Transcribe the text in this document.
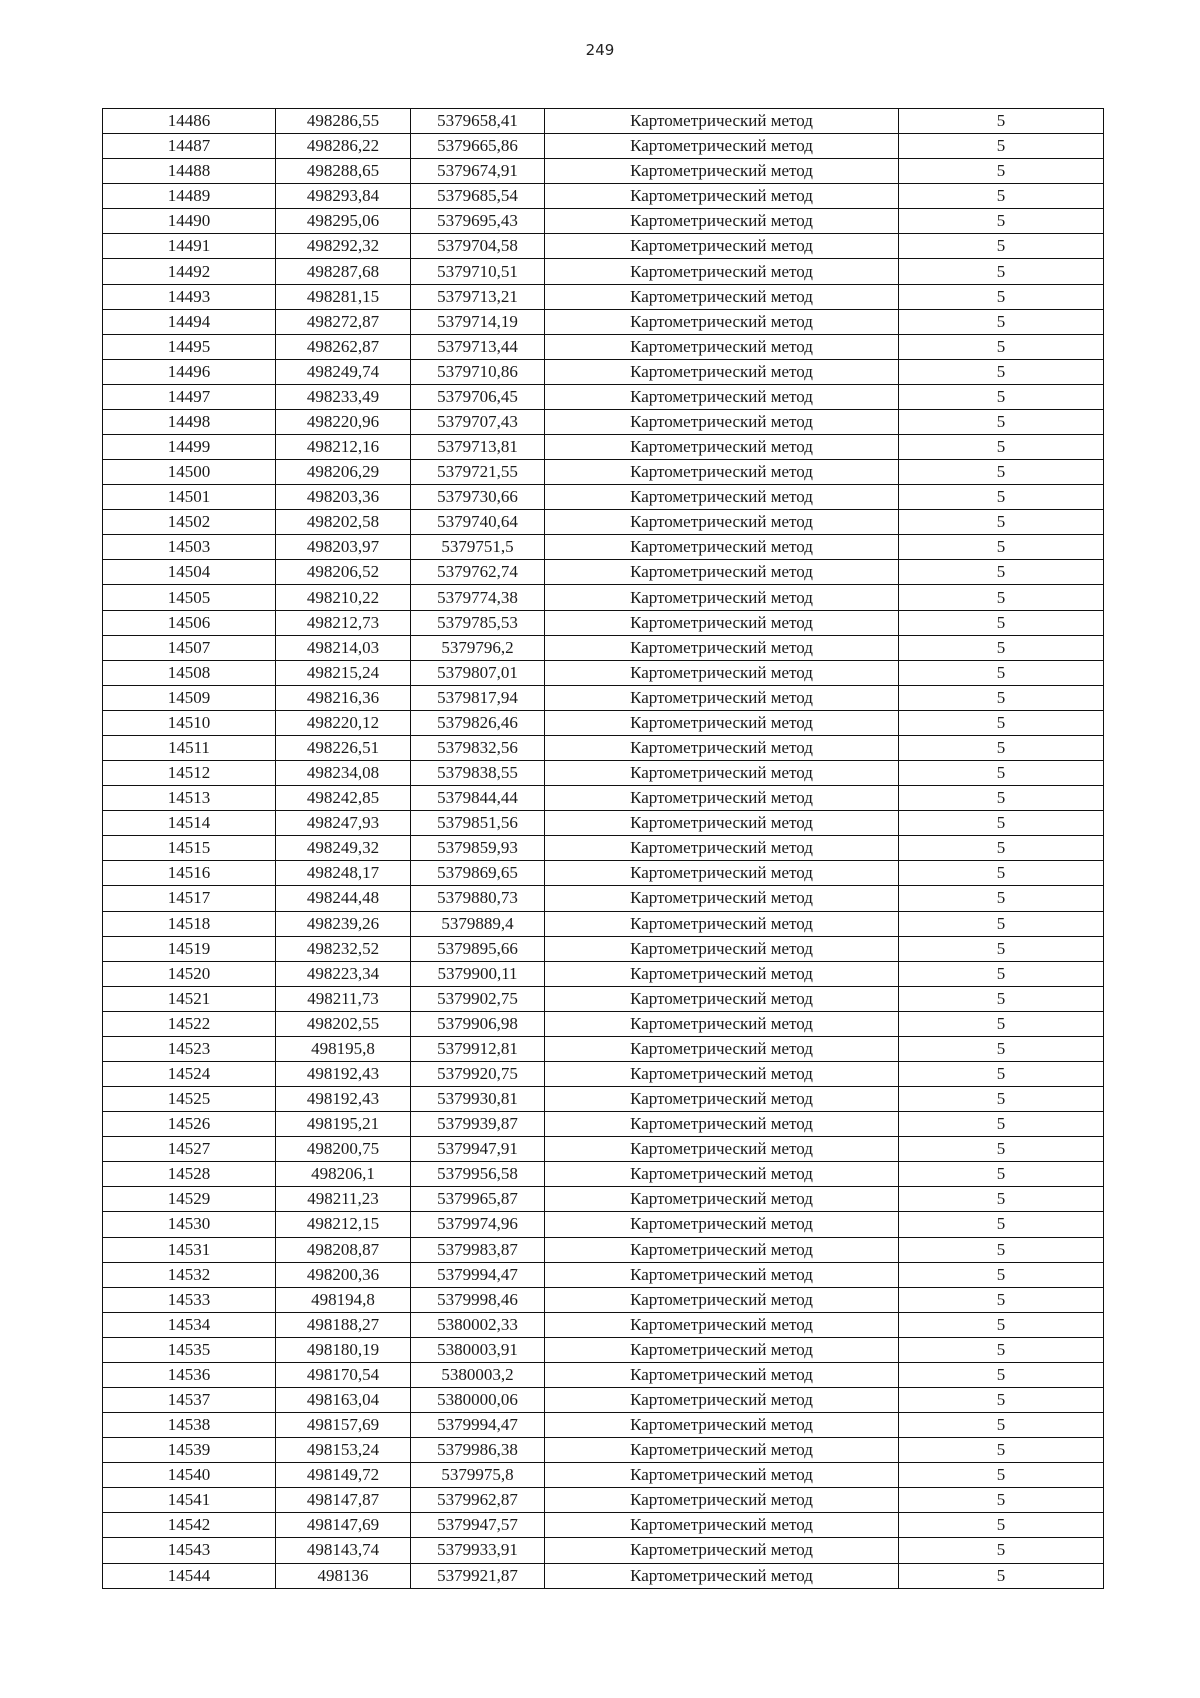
249
14486	498286,55	5379658,41	Картометрический метод	5
14487	498286,22	5379665,86	Картометрический метод	5
14488	498288,65	5379674,91	Картометрический метод	5
14489	498293,84	5379685,54	Картометрический метод	5
14490	498295,06	5379695,43	Картометрический метод	5
14491	498292,32	5379704,58	Картометрический метод	5
14492	498287,68	5379710,51	Картометрический метод	5
14493	498281,15	5379713,21	Картометрический метод	5
14494	498272,87	5379714,19	Картометрический метод	5
14495	498262,87	5379713,44	Картометрический метод	5
14496	498249,74	5379710,86	Картометрический метод	5
14497	498233,49	5379706,45	Картометрический метод	5
14498	498220,96	5379707,43	Картометрический метод	5
14499	498212,16	5379713,81	Картометрический метод	5
14500	498206,29	5379721,55	Картометрический метод	5
14501	498203,36	5379730,66	Картометрический метод	5
14502	498202,58	5379740,64	Картометрический метод	5
14503	498203,97	5379751,5	Картометрический метод	5
14504	498206,52	5379762,74	Картометрический метод	5
14505	498210,22	5379774,38	Картометрический метод	5
14506	498212,73	5379785,53	Картометрический метод	5
14507	498214,03	5379796,2	Картометрический метод	5
14508	498215,24	5379807,01	Картометрический метод	5
14509	498216,36	5379817,94	Картометрический метод	5
14510	498220,12	5379826,46	Картометрический метод	5
14511	498226,51	5379832,56	Картометрический метод	5
14512	498234,08	5379838,55	Картометрический метод	5
14513	498242,85	5379844,44	Картометрический метод	5
14514	498247,93	5379851,56	Картометрический метод	5
14515	498249,32	5379859,93	Картометрический метод	5
14516	498248,17	5379869,65	Картометрический метод	5
14517	498244,48	5379880,73	Картометрический метод	5
14518	498239,26	5379889,4	Картометрический метод	5
14519	498232,52	5379895,66	Картометрический метод	5
14520	498223,34	5379900,11	Картометрический метод	5
14521	498211,73	5379902,75	Картометрический метод	5
14522	498202,55	5379906,98	Картометрический метод	5
14523	498195,8	5379912,81	Картометрический метод	5
14524	498192,43	5379920,75	Картометрический метод	5
14525	498192,43	5379930,81	Картометрический метод	5
14526	498195,21	5379939,87	Картометрический метод	5
14527	498200,75	5379947,91	Картометрический метод	5
14528	498206,1	5379956,58	Картометрический метод	5
14529	498211,23	5379965,87	Картометрический метод	5
14530	498212,15	5379974,96	Картометрический метод	5
14531	498208,87	5379983,87	Картометрический метод	5
14532	498200,36	5379994,47	Картометрический метод	5
14533	498194,8	5379998,46	Картометрический метод	5
14534	498188,27	5380002,33	Картометрический метод	5
14535	498180,19	5380003,91	Картометрический метод	5
14536	498170,54	5380003,2	Картометрический метод	5
14537	498163,04	5380000,06	Картометрический метод	5
14538	498157,69	5379994,47	Картометрический метод	5
14539	498153,24	5379986,38	Картометрический метод	5
14540	498149,72	5379975,8	Картометрический метод	5
14541	498147,87	5379962,87	Картометрический метод	5
14542	498147,69	5379947,57	Картометрический метод	5
14543	498143,74	5379933,91	Картометрический метод	5
14544	498136	5379921,87	Картометрический метод	5
